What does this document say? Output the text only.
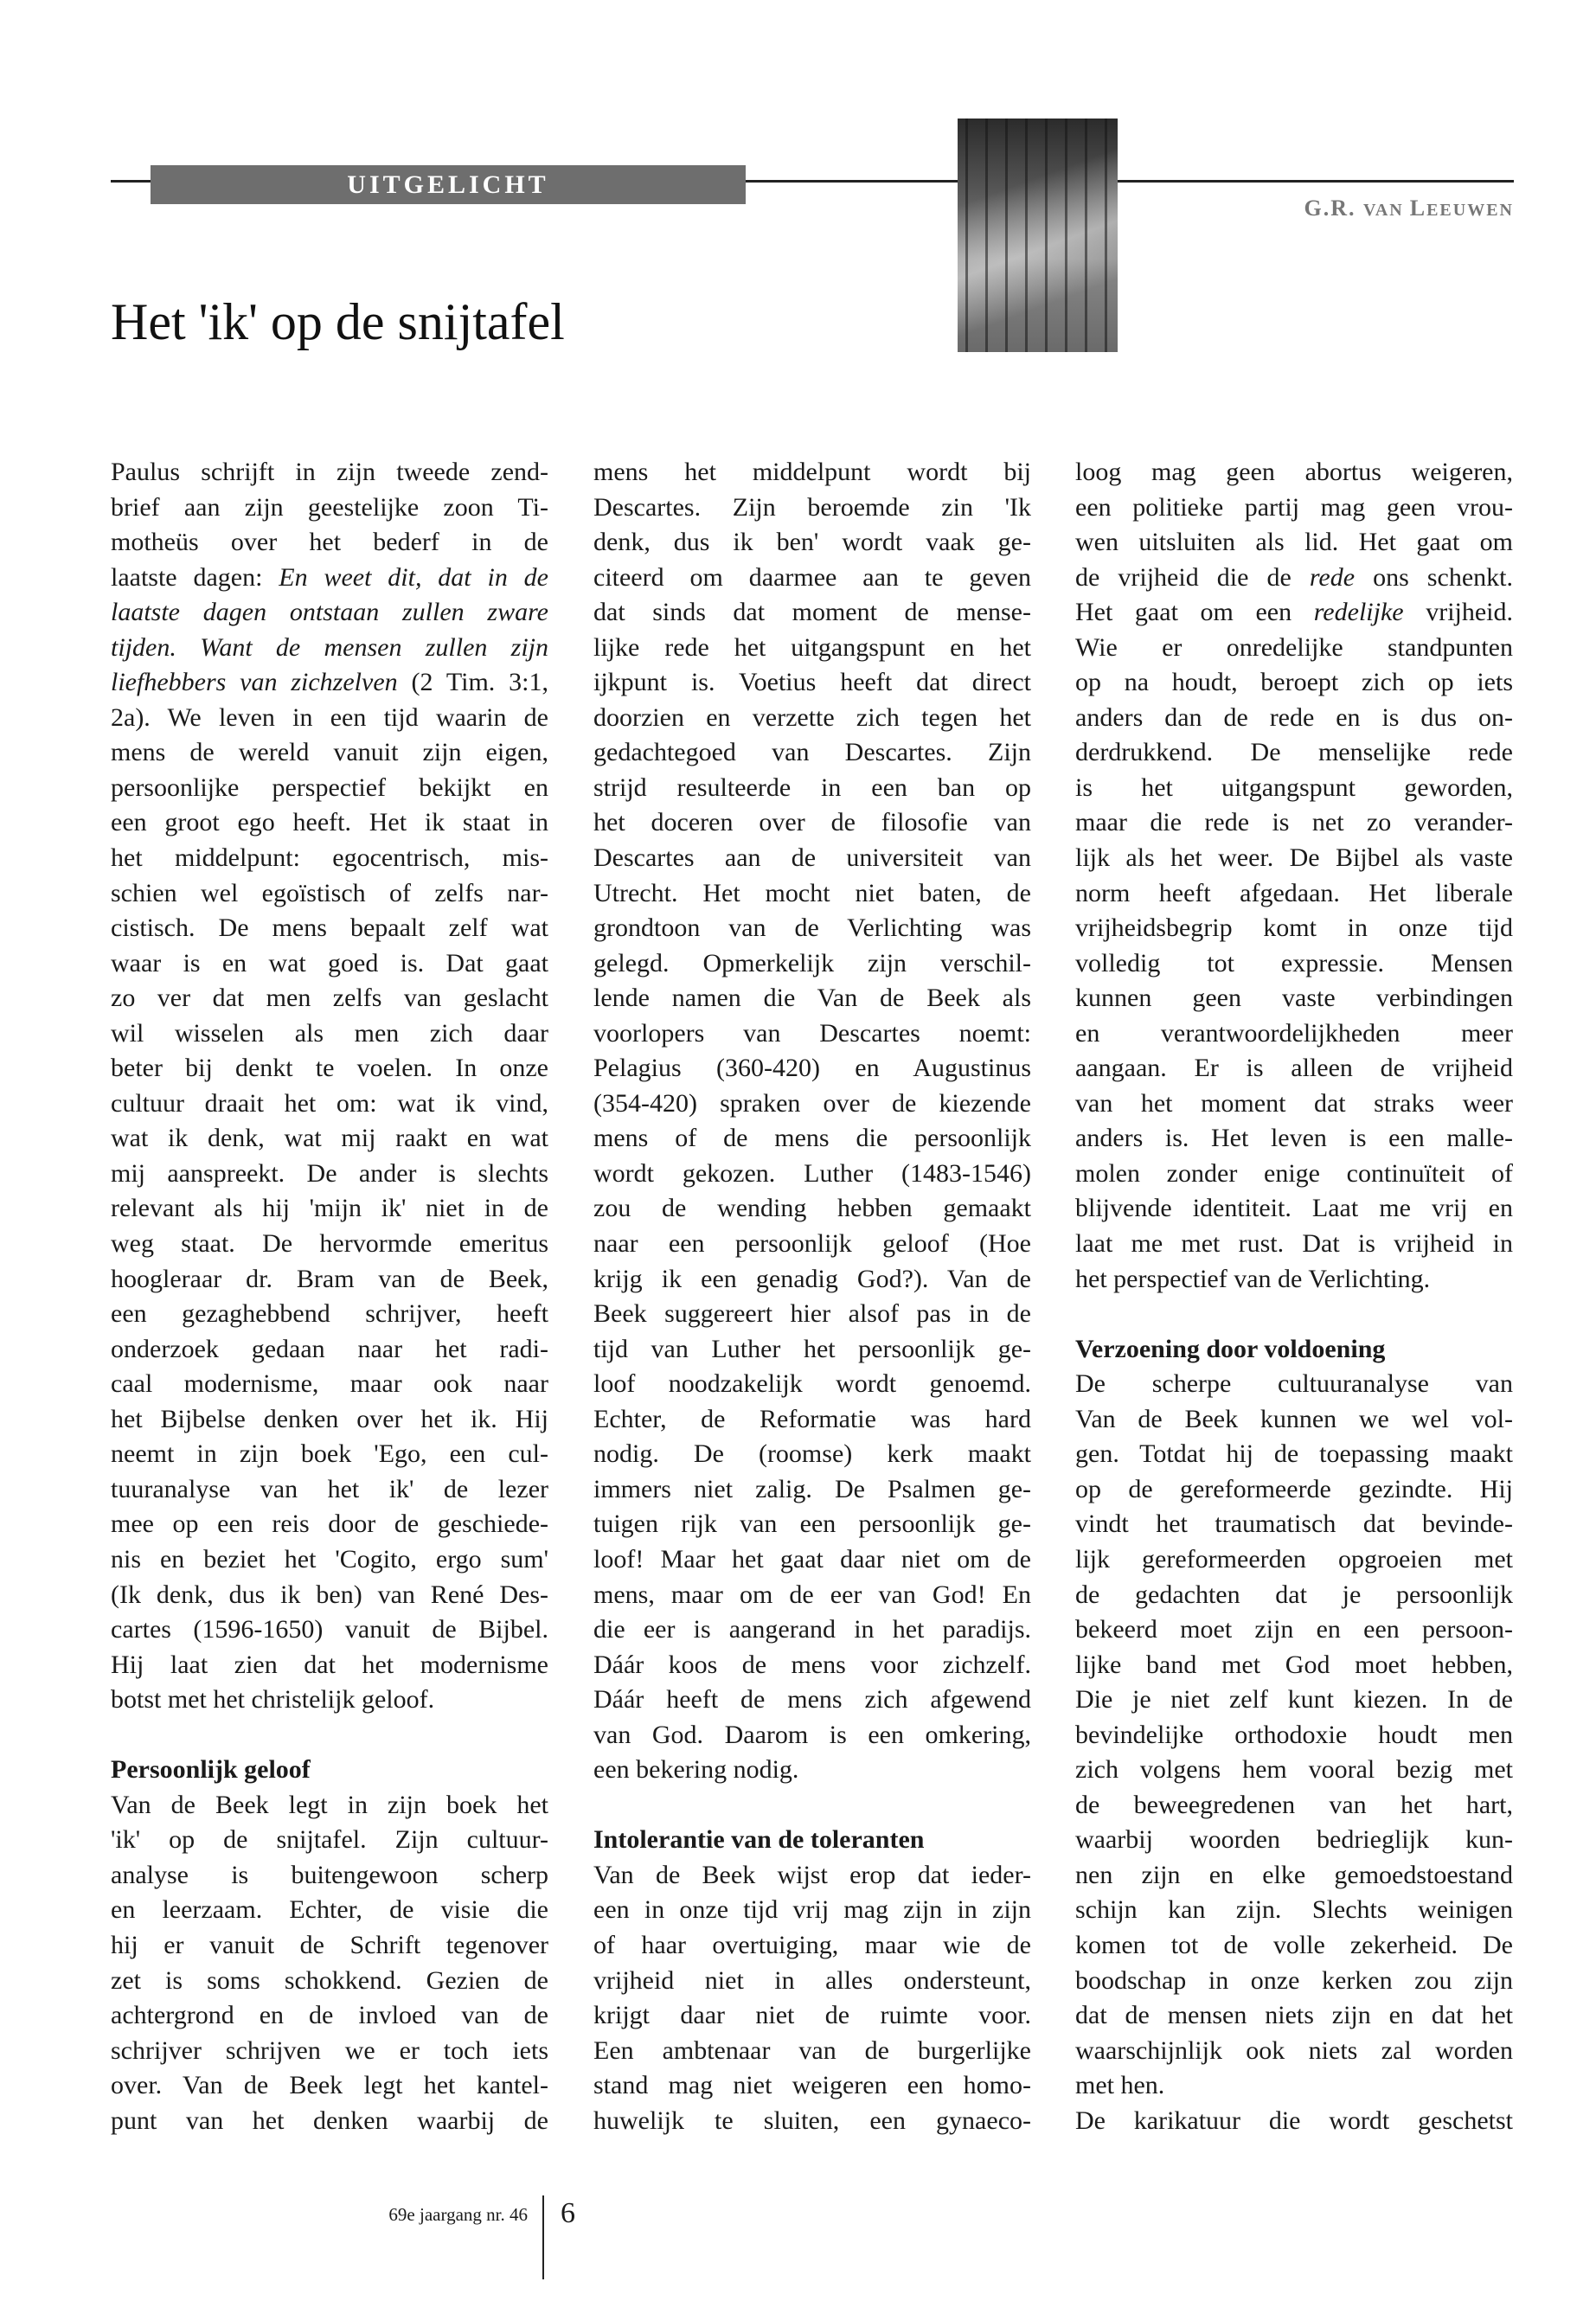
UITGELICHT
G.R. VAN LEEUWEN
Het 'ik' op de snijtafel
Paulus schrijft in zijn tweede zend-
brief aan zijn geestelijke zoon Ti-
motheüs over het bederf in de
laatste dagen: En weet dit, dat in de
laatste dagen ontstaan zullen zware
tijden. Want de mensen zullen zijn
liefhebbers van zichzelven (2 Tim. 3:1,
2a). We leven in een tijd waarin de
mens de wereld vanuit zijn eigen,
persoonlijke perspectief bekijkt en
een groot ego heeft. Het ik staat in
het middelpunt: egocentrisch, mis-
schien wel egoïstisch of zelfs nar-
cistisch. De mens bepaalt zelf wat
waar is en wat goed is. Dat gaat
zo ver dat men zelfs van geslacht
wil wisselen als men zich daar
beter bij denkt te voelen. In onze
cultuur draait het om: wat ik vind,
wat ik denk, wat mij raakt en wat
mij aanspreekt. De ander is slechts
relevant als hij 'mijn ik' niet in de
weg staat. De hervormde emeritus
hoogleraar dr. Bram van de Beek,
een gezaghebbend schrijver, heeft
onderzoek gedaan naar het radi-
caal modernisme, maar ook naar
het Bijbelse denken over het ik. Hij
neemt in zijn boek 'Ego, een cul-
tuuranalyse van het ik' de lezer
mee op een reis door de geschiede-
nis en beziet het 'Cogito, ergo sum'
(Ik denk, dus ik ben) van René Des-
cartes (1596-1650) vanuit de Bijbel.
Hij laat zien dat het modernisme
botst met het christelijk geloof.
Persoonlijk geloof
Van de Beek legt in zijn boek het
'ik' op de snijtafel. Zijn cultuur-
analyse is buitengewoon scherp
en leerzaam. Echter, de visie die
hij er vanuit de Schrift tegenover
zet is soms schokkend. Gezien de
achtergrond en de invloed van de
schrijver schrijven we er toch iets
over. Van de Beek legt het kantel-
punt van het denken waarbij de
mens het middelpunt wordt bij
Descartes. Zijn beroemde zin 'Ik
denk, dus ik ben' wordt vaak ge-
citeerd om daarmee aan te geven
dat sinds dat moment de mense-
lijke rede het uitgangspunt en het
ijkpunt is. Voetius heeft dat direct
doorzien en verzette zich tegen het
gedachtegoed van Descartes. Zijn
strijd resulteerde in een ban op
het doceren over de filosofie van
Descartes aan de universiteit van
Utrecht. Het mocht niet baten, de
grondtoon van de Verlichting was
gelegd. Opmerkelijk zijn verschil-
lende namen die Van de Beek als
voorlopers van Descartes noemt:
Pelagius (360-420) en Augustinus
(354-420) spraken over de kiezende
mens of de mens die persoonlijk
wordt gekozen. Luther (1483-1546)
zou de wending hebben gemaakt
naar een persoonlijk geloof (Hoe
krijg ik een genadig God?). Van de
Beek suggereert hier alsof pas in de
tijd van Luther het persoonlijk ge-
loof noodzakelijk wordt genoemd.
Echter, de Reformatie was hard
nodig. De (roomse) kerk maakt
immers niet zalig. De Psalmen ge-
tuigen rijk van een persoonlijk ge-
loof! Maar het gaat daar niet om de
mens, maar om de eer van God! En
die eer is aangerand in het paradijs.
Dáár koos de mens voor zichzelf.
Dáár heeft de mens zich afgewend
van God. Daarom is een omkering,
een bekering nodig.
Intolerantie van de toleranten
Van de Beek wijst erop dat ieder-
een in onze tijd vrij mag zijn in zijn
of haar overtuiging, maar wie de
vrijheid niet in alles ondersteunt,
krijgt daar niet de ruimte voor.
Een ambtenaar van de burgerlijke
stand mag niet weigeren een homo-
huwelijk te sluiten, een gynaeco-
loog mag geen abortus weigeren,
een politieke partij mag geen vrou-
wen uitsluiten als lid. Het gaat om
de vrijheid die de rede ons schenkt.
Het gaat om een redelijke vrijheid.
Wie er onredelijke standpunten
op na houdt, beroept zich op iets
anders dan de rede en is dus on-
derdrukkend. De menselijke rede
is het uitgangspunt geworden,
maar die rede is net zo verander-
lijk als het weer. De Bijbel als vaste
norm heeft afgedaan. Het liberale
vrijheidsbegrip komt in onze tijd
volledig tot expressie. Mensen
kunnen geen vaste verbindingen
en verantwoordelijkheden meer
aangaan. Er is alleen de vrijheid
van het moment dat straks weer
anders is. Het leven is een malle-
molen zonder enige continuïteit of
blijvende identiteit. Laat me vrij en
laat me met rust. Dat is vrijheid in
het perspectief van de Verlichting.
Verzoening door voldoening
De scherpe cultuuranalyse van
Van de Beek kunnen we wel vol-
gen. Totdat hij de toepassing maakt
op de gereformeerde gezindte. Hij
vindt het traumatisch dat bevinde-
lijk gereformeerden opgroeien met
de gedachten dat je persoonlijk
bekeerd moet zijn en een persoon-
lijke band met God moet hebben,
Die je niet zelf kunt kiezen. In de
bevindelijke orthodoxie houdt men
zich volgens hem vooral bezig met
de beweegredenen van het hart,
waarbij woorden bedrieglijk kun-
nen zijn en elke gemoedstoestand
schijn kan zijn. Slechts weinigen
komen tot de volle zekerheid. De
boodschap in onze kerken zou zijn
dat de mensen niets zijn en dat het
waarschijnlijk ook niets zal worden
met hen.
De karikatuur die wordt geschetst
69e jaargang nr. 46 6
